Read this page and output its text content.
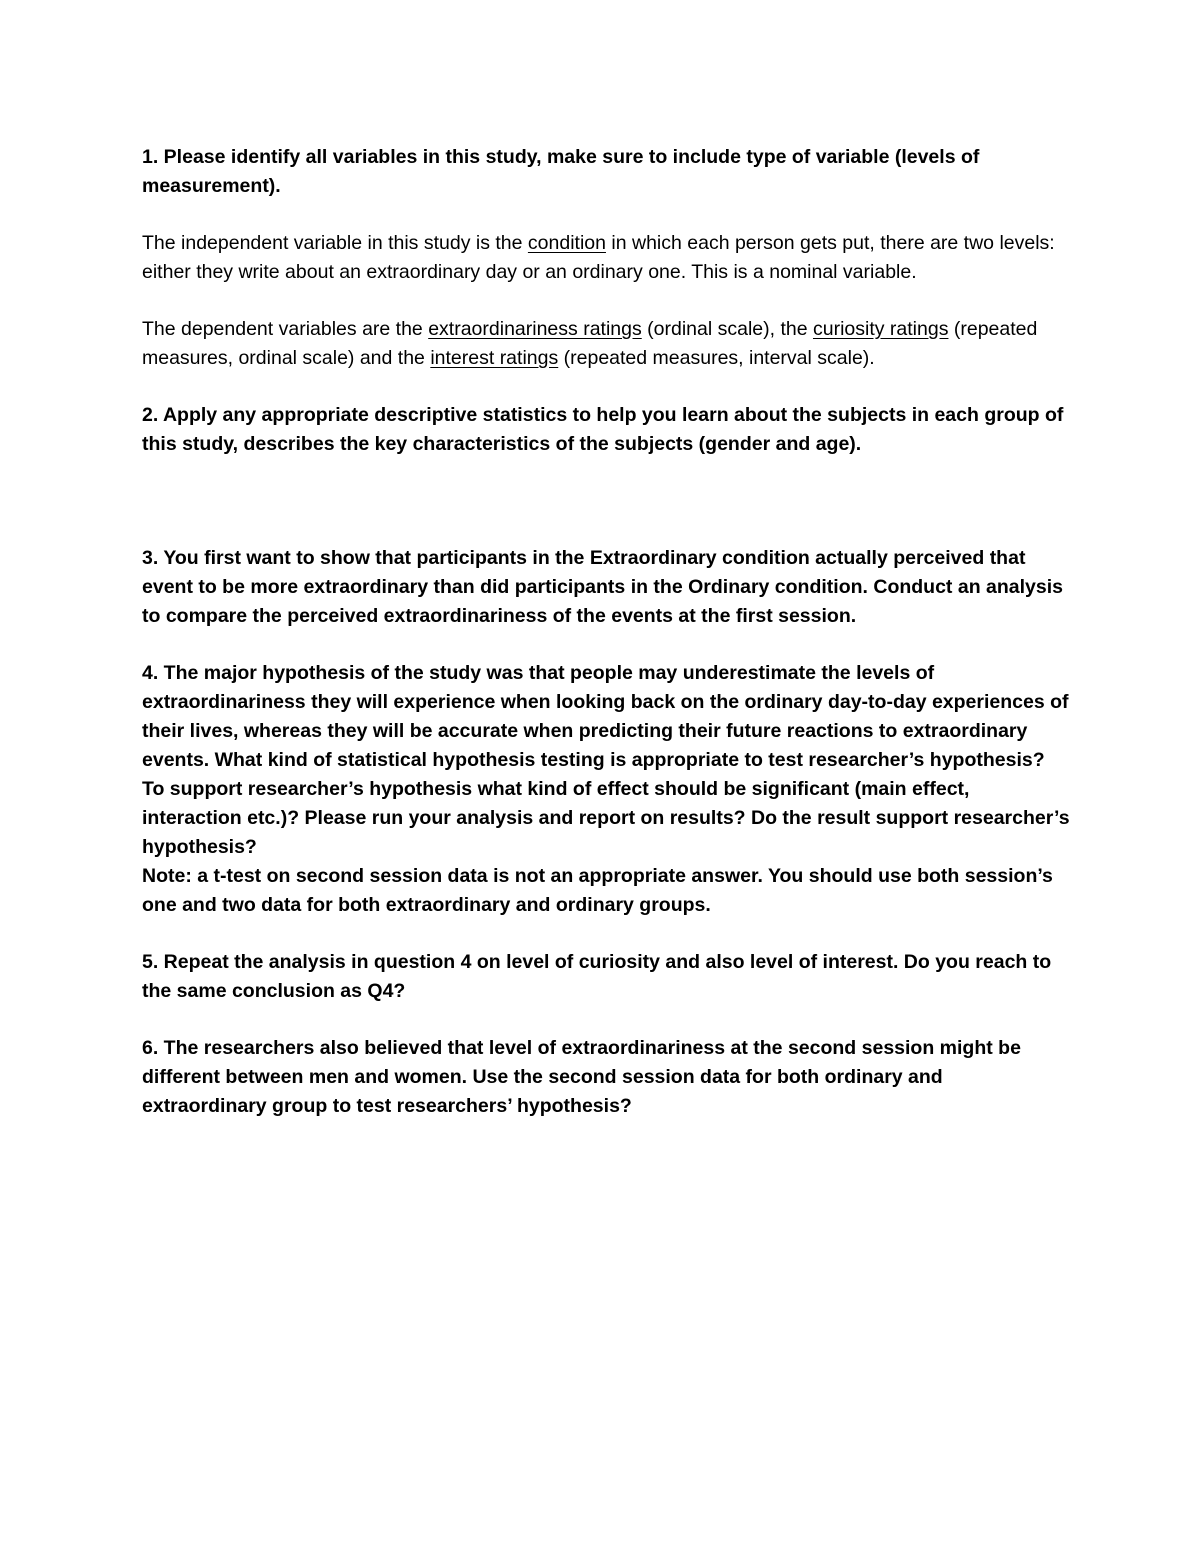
1. Please identify all variables in this study, make sure to include type of variable (levels of measurement).

The independent variable in this study is the condition in which each person gets put, there are two levels: either they write about an extraordinary day or an ordinary one. This is a nominal variable.

The dependent variables are the extraordinariness ratings (ordinal scale), the curiosity ratings (repeated measures, ordinal scale) and the interest ratings (repeated measures, interval scale).

2. Apply any appropriate descriptive statistics to help you learn about the subjects in each group of this study, describes the key characteristics of the subjects (gender and age).

3. You first want to show that participants in the Extraordinary condition actually perceived that event to be more extraordinary than did participants in the Ordinary condition. Conduct an analysis to compare the perceived extraordinariness of the events at the first session.

4. The major hypothesis of the study was that people may underestimate the levels of extraordinariness they will experience when looking back on the ordinary day-to-day experiences of their lives, whereas they will be accurate when predicting their future reactions to extraordinary events. What kind of statistical hypothesis testing is appropriate to test researcher’s hypothesis? To support researcher’s hypothesis what kind of effect should be significant (main effect, interaction etc.)? Please run your analysis and report on results? Do the result support researcher’s hypothesis?

Note: a t-test on second session data is not an appropriate answer. You should use both session’s one and two data for both extraordinary and ordinary groups.

5. Repeat the analysis in question 4 on level of curiosity and also level of interest. Do you reach to the same conclusion as Q4?

6. The researchers also believed that level of extraordinariness at the second session might be different between men and women. Use the second session data for both ordinary and extraordinary group to test researchers’ hypothesis?
